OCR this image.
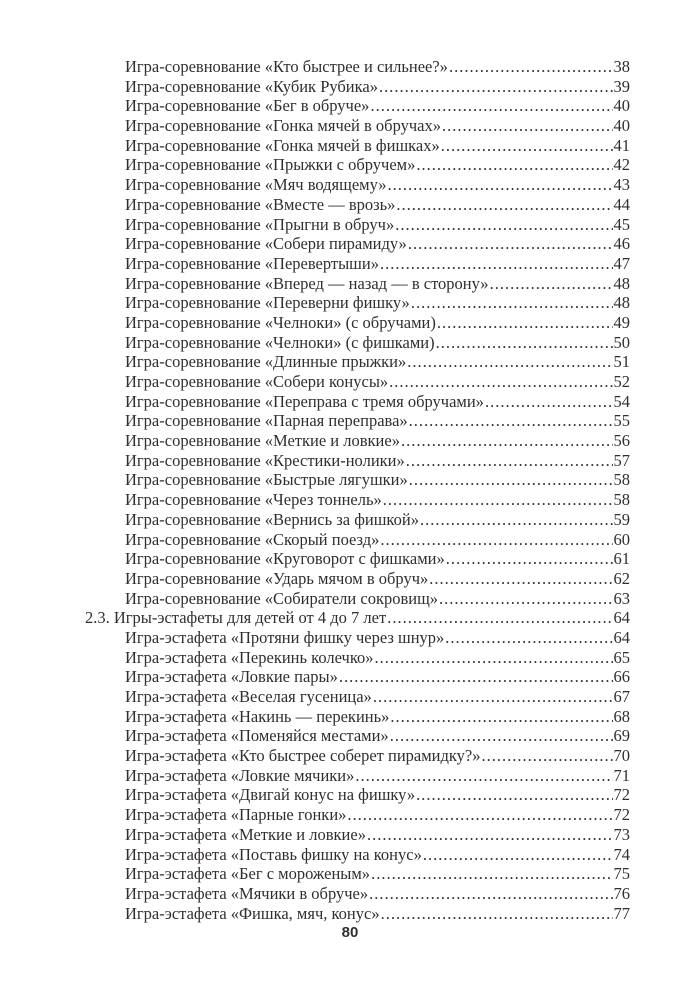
Игра-соревнование «Кто быстрее и сильнее?» .....	38
Игра-соревнование «Кубик Рубика» .....	39
Игра-соревнование «Бег в обруче» .....	40
Игра-соревнование «Гонка мячей в обручах» .....	40
Игра-соревнование «Гонка мячей в фишках» .....	41
Игра-соревнование «Прыжки с обручем» .....	42
Игра-соревнование «Мяч водящему» .....	43
Игра-соревнование «Вместе — врозь» .....	44
Игра-соревнование «Прыгни в обруч» .....	45
Игра-соревнование «Собери пирамиду» .....	46
Игра-соревнование «Перевертыши» .....	47
Игра-соревнование «Вперед — назад — в сторону» .....	48
Игра-соревнование «Переверни фишку» .....	48
Игра-соревнование «Челноки» (с обручами) .....	49
Игра-соревнование «Челноки» (с фишками) .....	50
Игра-соревнование «Длинные прыжки» .....	51
Игра-соревнование «Собери конусы» .....	52
Игра-соревнование «Переправа с тремя обручами» .....	54
Игра-соревнование «Парная переправа» .....	55
Игра-соревнование «Меткие и ловкие» .....	56
Игра-соревнование «Крестики-нолики» .....	57
Игра-соревнование «Быстрые лягушки» .....	58
Игра-соревнование «Через тоннель» .....	58
Игра-соревнование «Вернись за фишкой» .....	59
Игра-соревнование «Скорый поезд» .....	60
Игра-соревнование «Круговорот с фишками» .....	61
Игра-соревнование «Ударь мячом в обруч» .....	62
Игра-соревнование «Собиратели сокровищ» .....	63
2.3. Игры-эстафеты для детей от 4 до 7 лет .....	64
Игра-эстафета «Протяни фишку через шнур» .....	64
Игра-эстафета «Перекинь колечко» .....	65
Игра-эстафета «Ловкие пары» .....	66
Игра-эстафета «Веселая гусеница» .....	67
Игра-эстафета «Накинь — перекинь» .....	68
Игра-эстафета «Поменяйся местами» .....	69
Игра-эстафета «Кто быстрее соберет пирамидку?» .....	70
Игра-эстафета «Ловкие мячики» .....	71
Игра-эстафета «Двигай конус на фишку» .....	72
Игра-эстафета «Парные гонки» .....	72
Игра-эстафета «Меткие и ловкие» .....	73
Игра-эстафета «Поставь фишку на конус» .....	74
Игра-эстафета «Бег с мороженым» .....	75
Игра-эстафета «Мячики в обруче» .....	76
Игра-эстафета «Фишка, мяч, конус» .....	77
80
